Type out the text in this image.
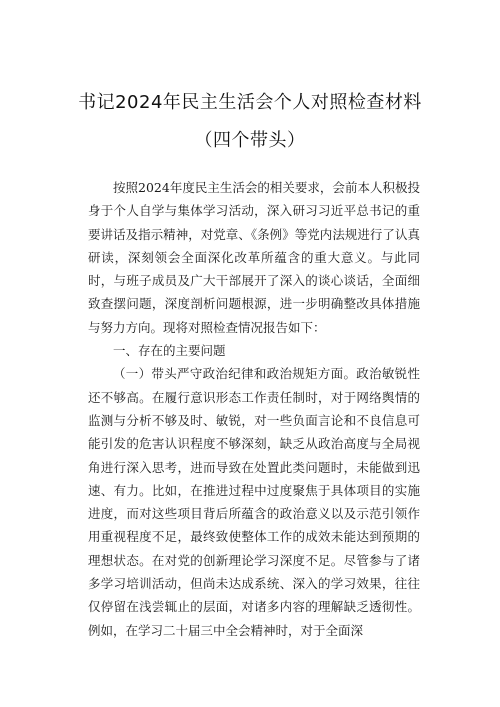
书记2024年民主生活会个人对照检查材料
（四个带头）

按照2024年度民主生活会的相关要求，会前本人积极投身于个人自学与集体学习活动，深入研习习近平总书记的重要讲话及指示精神，对党章、《条例》等党内法规进行了认真研读，深刻领会全面深化改革所蕴含的重大意义。与此同时，与班子成员及广大干部展开了深入的谈心谈话，全面细致查摆问题，深度剖析问题根源，进一步明确整改具体措施与努力方向。现将对照检查情况报告如下：

一、存在的主要问题

（一）带头严守政治纪律和政治规矩方面。政治敏锐性还不够高。在履行意识形态工作责任制时，对于网络舆情的监测与分析不够及时、敏锐，对一些负面言论和不良信息可能引发的危害认识程度不够深刻，缺乏从政治高度与全局视角进行深入思考，进而导致在处置此类问题时，未能做到迅速、有力。比如，在推进过程中过度聚焦于具体项目的实施进度，而对这些项目背后所蕴含的政治意义以及示范引领作用重视程度不足，最终致使整体工作的成效未能达到预期的理想状态。在对党的创新理论学习深度不足。尽管参与了诸多学习培训活动，但尚未达成系统、深入的学习效果，往往仅停留在浅尝辄止的层面，对诸多内容的理解缺乏透彻性。例如，在学习二十届三中全会精神时，对于全面深
